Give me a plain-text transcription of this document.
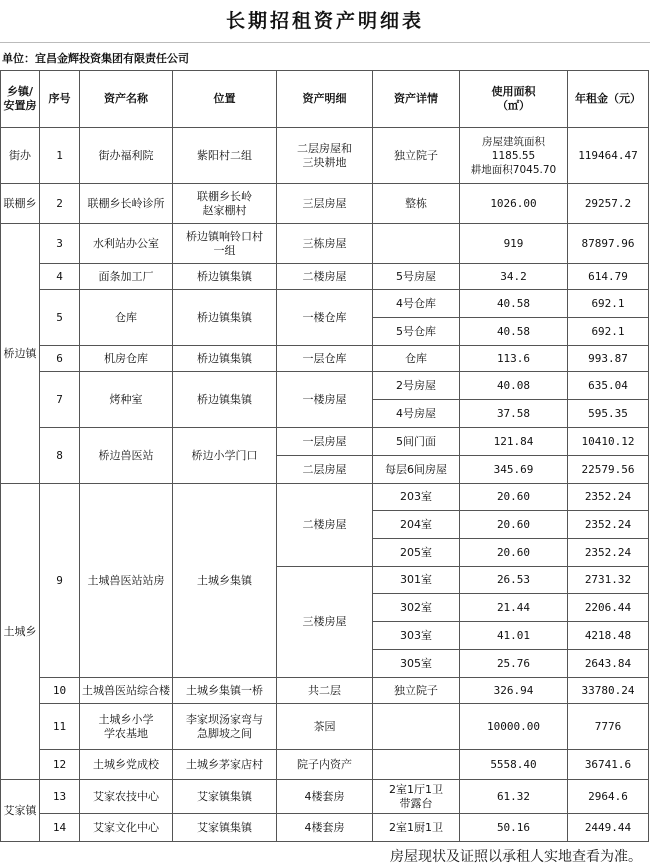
长期招租资产明细表
单位：宜昌金辉投资集团有限责任公司
乡镇/
安置房	序号	资产名称	位置	资产明细	资产详情	使用面积
（㎡）	年租金（元）
街办	1	街办福利院	紫阳村二组	二层房屋和
三块耕地	独立院子	房屋建筑面积1185.55
耕地面积7045.70	119464.47
联棚乡	2	联棚乡长岭诊所	联棚乡长岭
赵家棚村	三层房屋	整栋	1026.00	29257.2
桥边镇	3	水利站办公室	桥边镇响铃口村
一组	三栋房屋		919	87897.96
	4	面条加工厂	桥边镇集镇	二楼房屋	5号房屋	34.2	614.79
	5	仓库	桥边镇集镇	一楼仓库	4号仓库	40.58	692.1
					5号仓库	40.58	692.1
	6	机房仓库	桥边镇集镇	一层仓库	仓库	113.6	993.87
	7	烤种室	桥边镇集镇	一楼房屋	2号房屋	40.08	635.04
					4号房屋	37.58	595.35
	8	桥边兽医站	桥边小学门口	一层房屋	5间门面	121.84	10410.12
				二层房屋	每层6间房屋	345.69	22579.56
土城乡	9	土城兽医站站房	土城乡集镇	二楼房屋	203室	20.60	2352.24
					204室	20.60	2352.24
					205室	20.60	2352.24
				三楼房屋	301室	26.53	2731.32
					302室	21.44	2206.44
					303室	41.01	4218.48
					305室	25.76	2643.84
	10	土城兽医站综合楼	土城乡集镇一桥	共二层	独立院子	326.94	33780.24
	11	土城乡小学
学农基地	李家坝汤家弯与
急脚坡之间	茶园		10000.00	7776
	12	土城乡党成校	土城乡茅家店村	院子内资产		5558.40	36741.6
艾家镇	13	艾家农技中心	艾家镇集镇	4楼套房	2室1厅1卫
带露台	61.32	2964.6
	14	艾家文化中心	艾家镇集镇	4楼套房	2室1厨1卫	50.16	2449.44
房屋现状及证照以承租人实地查看为准。
